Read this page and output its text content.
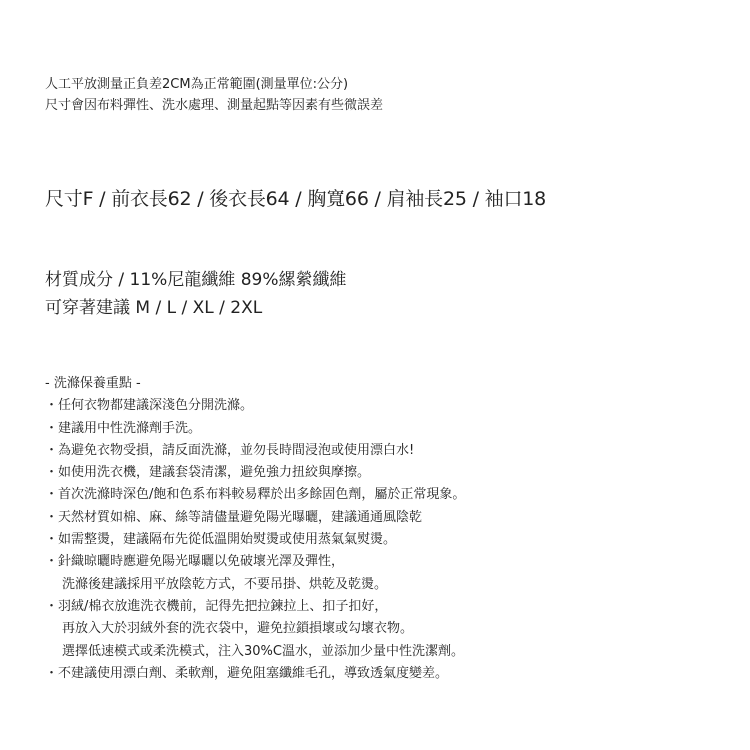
人工平放測量正負差2CM為正常範圍(測量單位:公分)
尺寸會因布料彈性、洗水處理、測量起點等因素有些微誤差
尺寸F / 前衣長62 / 後衣長64 / 胸寬66 / 肩袖長25 / 袖口18
材質成分 / 11%尼龍纖維 89%縲縈纖維
可穿著建議 M / L / XL / 2XL
- 洗滌保養重點 -
・任何衣物都建議深淺色分開洗滌。
・建議用中性洗滌劑手洗。
・為避免衣物受損，請反面洗滌，並勿長時間浸泡或使用漂白水!
・如使用洗衣機，建議套袋清潔，避免強力扭絞與摩擦。
・首次洗滌時深色/飽和色系布料較易釋於出多餘固色劑，屬於正常現象。
・天然材質如棉、麻、絲等請儘量避免陽光曝曬，建議通通風陰乾
・如需整燙，建議隔布先從低溫開始熨燙或使用蒸氣氣熨燙。
・針織晾曬時應避免陽光曝曬以免破壞光澤及彈性，
洗滌後建議採用平放陰乾方式，不要吊掛、烘乾及乾燙。
・羽絨/棉衣放進洗衣機前，記得先把拉鍊拉上、扣子扣好，
再放入大於羽絨外套的洗衣袋中，避免拉鎖損壞或勾壞衣物。
選擇低速模式或柔洗模式，注入30%C溫水，並添加少量中性洗潔劑。
・不建議使用漂白劑、柔軟劑，避免阻塞纖維毛孔，導致透氣度變差。
